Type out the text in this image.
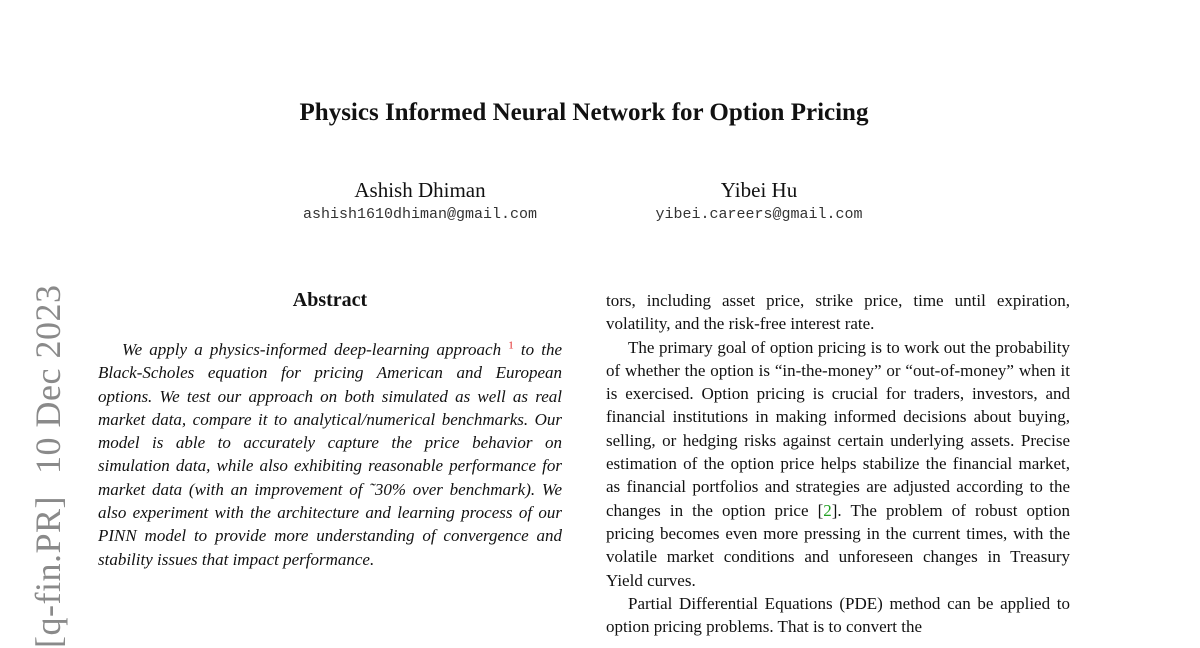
[q-fin.PR]10 Dec 2023
Physics Informed Neural Network for Option Pricing
Ashish Dhiman
ashish1610dhiman@gmail.com
Yibei Hu
yibei.careers@gmail.com
Abstract

We apply a physics-informed deep-learning approach $^1$ to the Black-Scholes equation for pricing American and European options. We test our approach on both simulated as well as real market data, compare it to analytical/numerical benchmarks. Our model is able to accurately capture the price behavior on simulation data, while also exhibiting reasonable performance for market data (with an improvement of ˜30% over benchmark). We also experiment with the architecture and learning process of our PINN model to provide more understanding of convergence and stability issues that impact performance.

tors, including asset price, strike price, time until expiration, volatility, and the risk-free interest rate.

The primary goal of option pricing is to work out the probability of whether the option is “in-the-money” or “out-of-money” when it is exercised. Option pricing is crucial for traders, investors, and financial institutions in making informed decisions about buying, selling, or hedging risks against certain underlying assets. Precise estimation of the option price helps stabilize the financial market, as financial portfolios and strategies are adjusted according to the changes in the option price [2]. The problem of robust option pricing becomes even more pressing in the current times, with the volatile market conditions and unforeseen changes in Treasury Yield curves.

Partial Differential Equations (PDE) method can be applied to option pricing problems. That is to convert the
